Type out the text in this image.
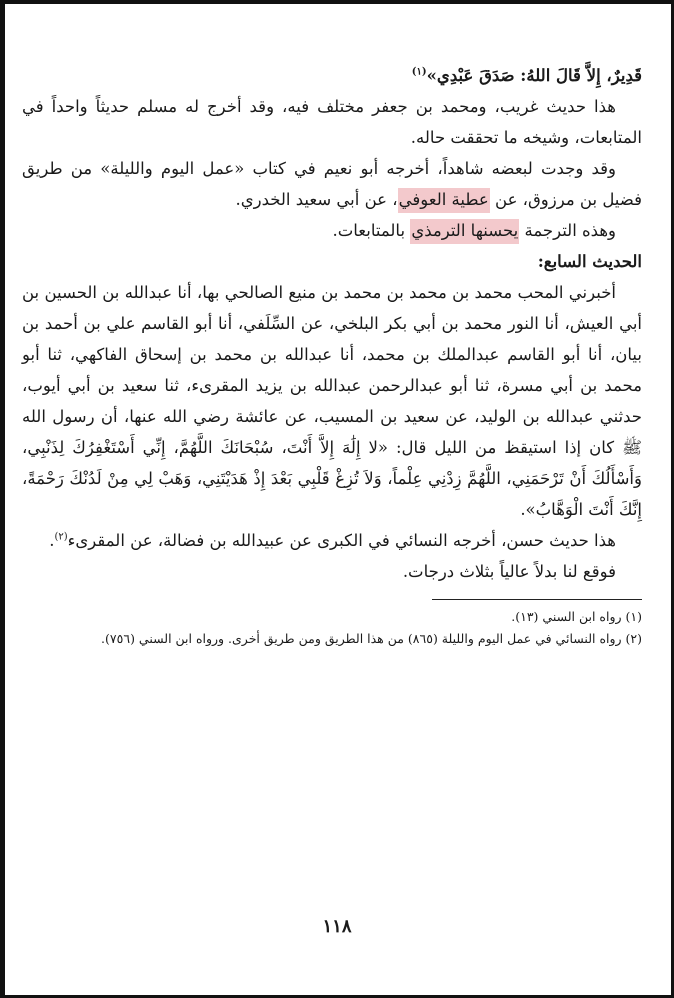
قَدِيرٌ، إِلاَّ قَالَ اللهُ: صَدَقَ عَبْدِي»$^{(١)}$

هذا حديث غريب، ومحمد بن جعفر مختلف فيه، وقد أخرج له مسلم حديثاً واحداً في المتابعات، وشيخه ما تحققت حاله.

وقد وجدت لبعضه شاهداً، أخرجه أبو نعيم في كتاب «عمل اليوم والليلة» من طريق فضيل بن مرزوق، عن عطية العوفي، عن أبي سعيد الخدري.

وهذه الترجمة يحسنها الترمذي بالمتابعات.

الحديث السابع:

أخبرني المحب محمد بن محمد بن محمد بن منيع الصالحي بها، أنا عبدالله بن الحسين بن أبي العيش، أنا النور محمد بن أبي بكر البلخي، عن السِّلَفي، أنا أبو القاسم علي بن أحمد بن بيان، أنا أبو القاسم عبدالملك بن محمد، أنا عبدالله بن محمد بن إسحاق الفاكهي، ثنا أبو محمد بن أبي مسرة، ثنا أبو عبدالرحمن عبدالله بن يزيد المقرىء، ثنا سعيد بن أبي أيوب، حدثني عبدالله بن الوليد، عن سعيد بن المسيب، عن عائشة رضي الله عنها، أن رسول الله ﷺ كان إذا استيقظ من الليل قال: «لا إِلَٰهَ إِلاَّ أَنْتَ، سُبْحَانَكَ اللَّهُمَّ، إِنِّي أَسْتَغْفِرُكَ لِذَنْبِي، وَأَسْأَلُكَ أَنْ تَرْحَمَنِي، اللَّهُمَّ زِدْنِي عِلْماً، وَلاَ تُزِغْ قَلْبِي بَعْدَ إِذْ هَدَيْتَنِي، وَهَبْ لِي مِنْ لَدُنْكَ رَحْمَةً، إِنَّكَ أَنْتَ الْوَهَّابُ».

هذا حديث حسن، أخرجه النسائي في الكبرى عن عبيدالله بن فضالة، عن المقرىء$^{(٢)}$.

فوقع لنا بدلاً عالياً بثلاث درجات.

(١) رواه ابن السني (١٣).

(٢) رواه النسائي في عمل اليوم والليلة (٨٦٥) من هذا الطريق ومن طريق أخرى. ورواه ابن السني (٧٥٦).

١١٨
